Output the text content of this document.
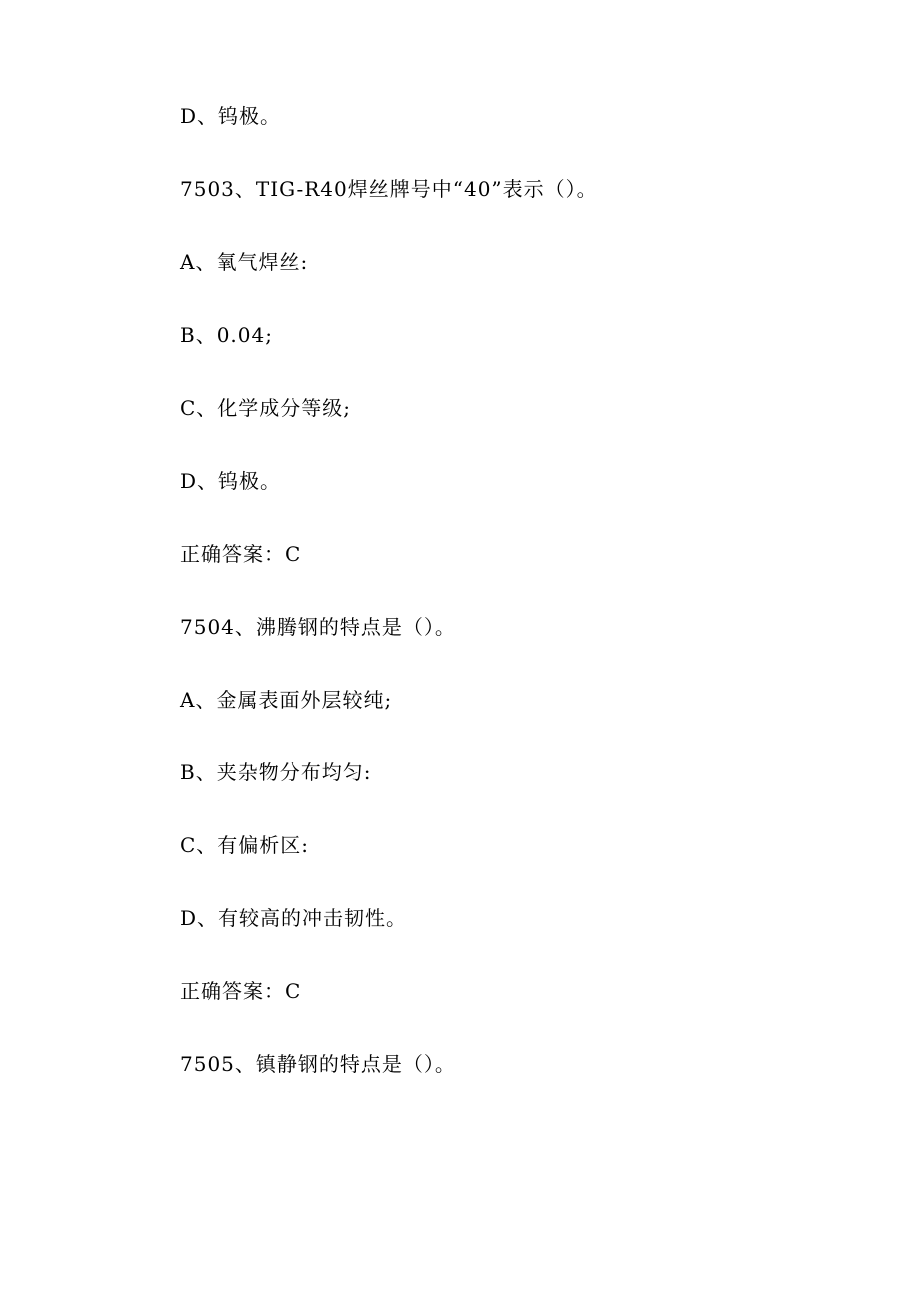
D、钨极。
7503、TIG-R40焊丝牌号中“40”表示（）。
A、氧气焊丝:
B、0.04;
C、化学成分等级;
D、钨极。
正确答案：C
7504、沸腾钢的特点是（）。
A、金属表面外层较纯;
B、夹杂物分布均匀:
C、有偏析区:
D、有较高的冲击韧性。
正确答案：C
7505、镇静钢的特点是（）。
